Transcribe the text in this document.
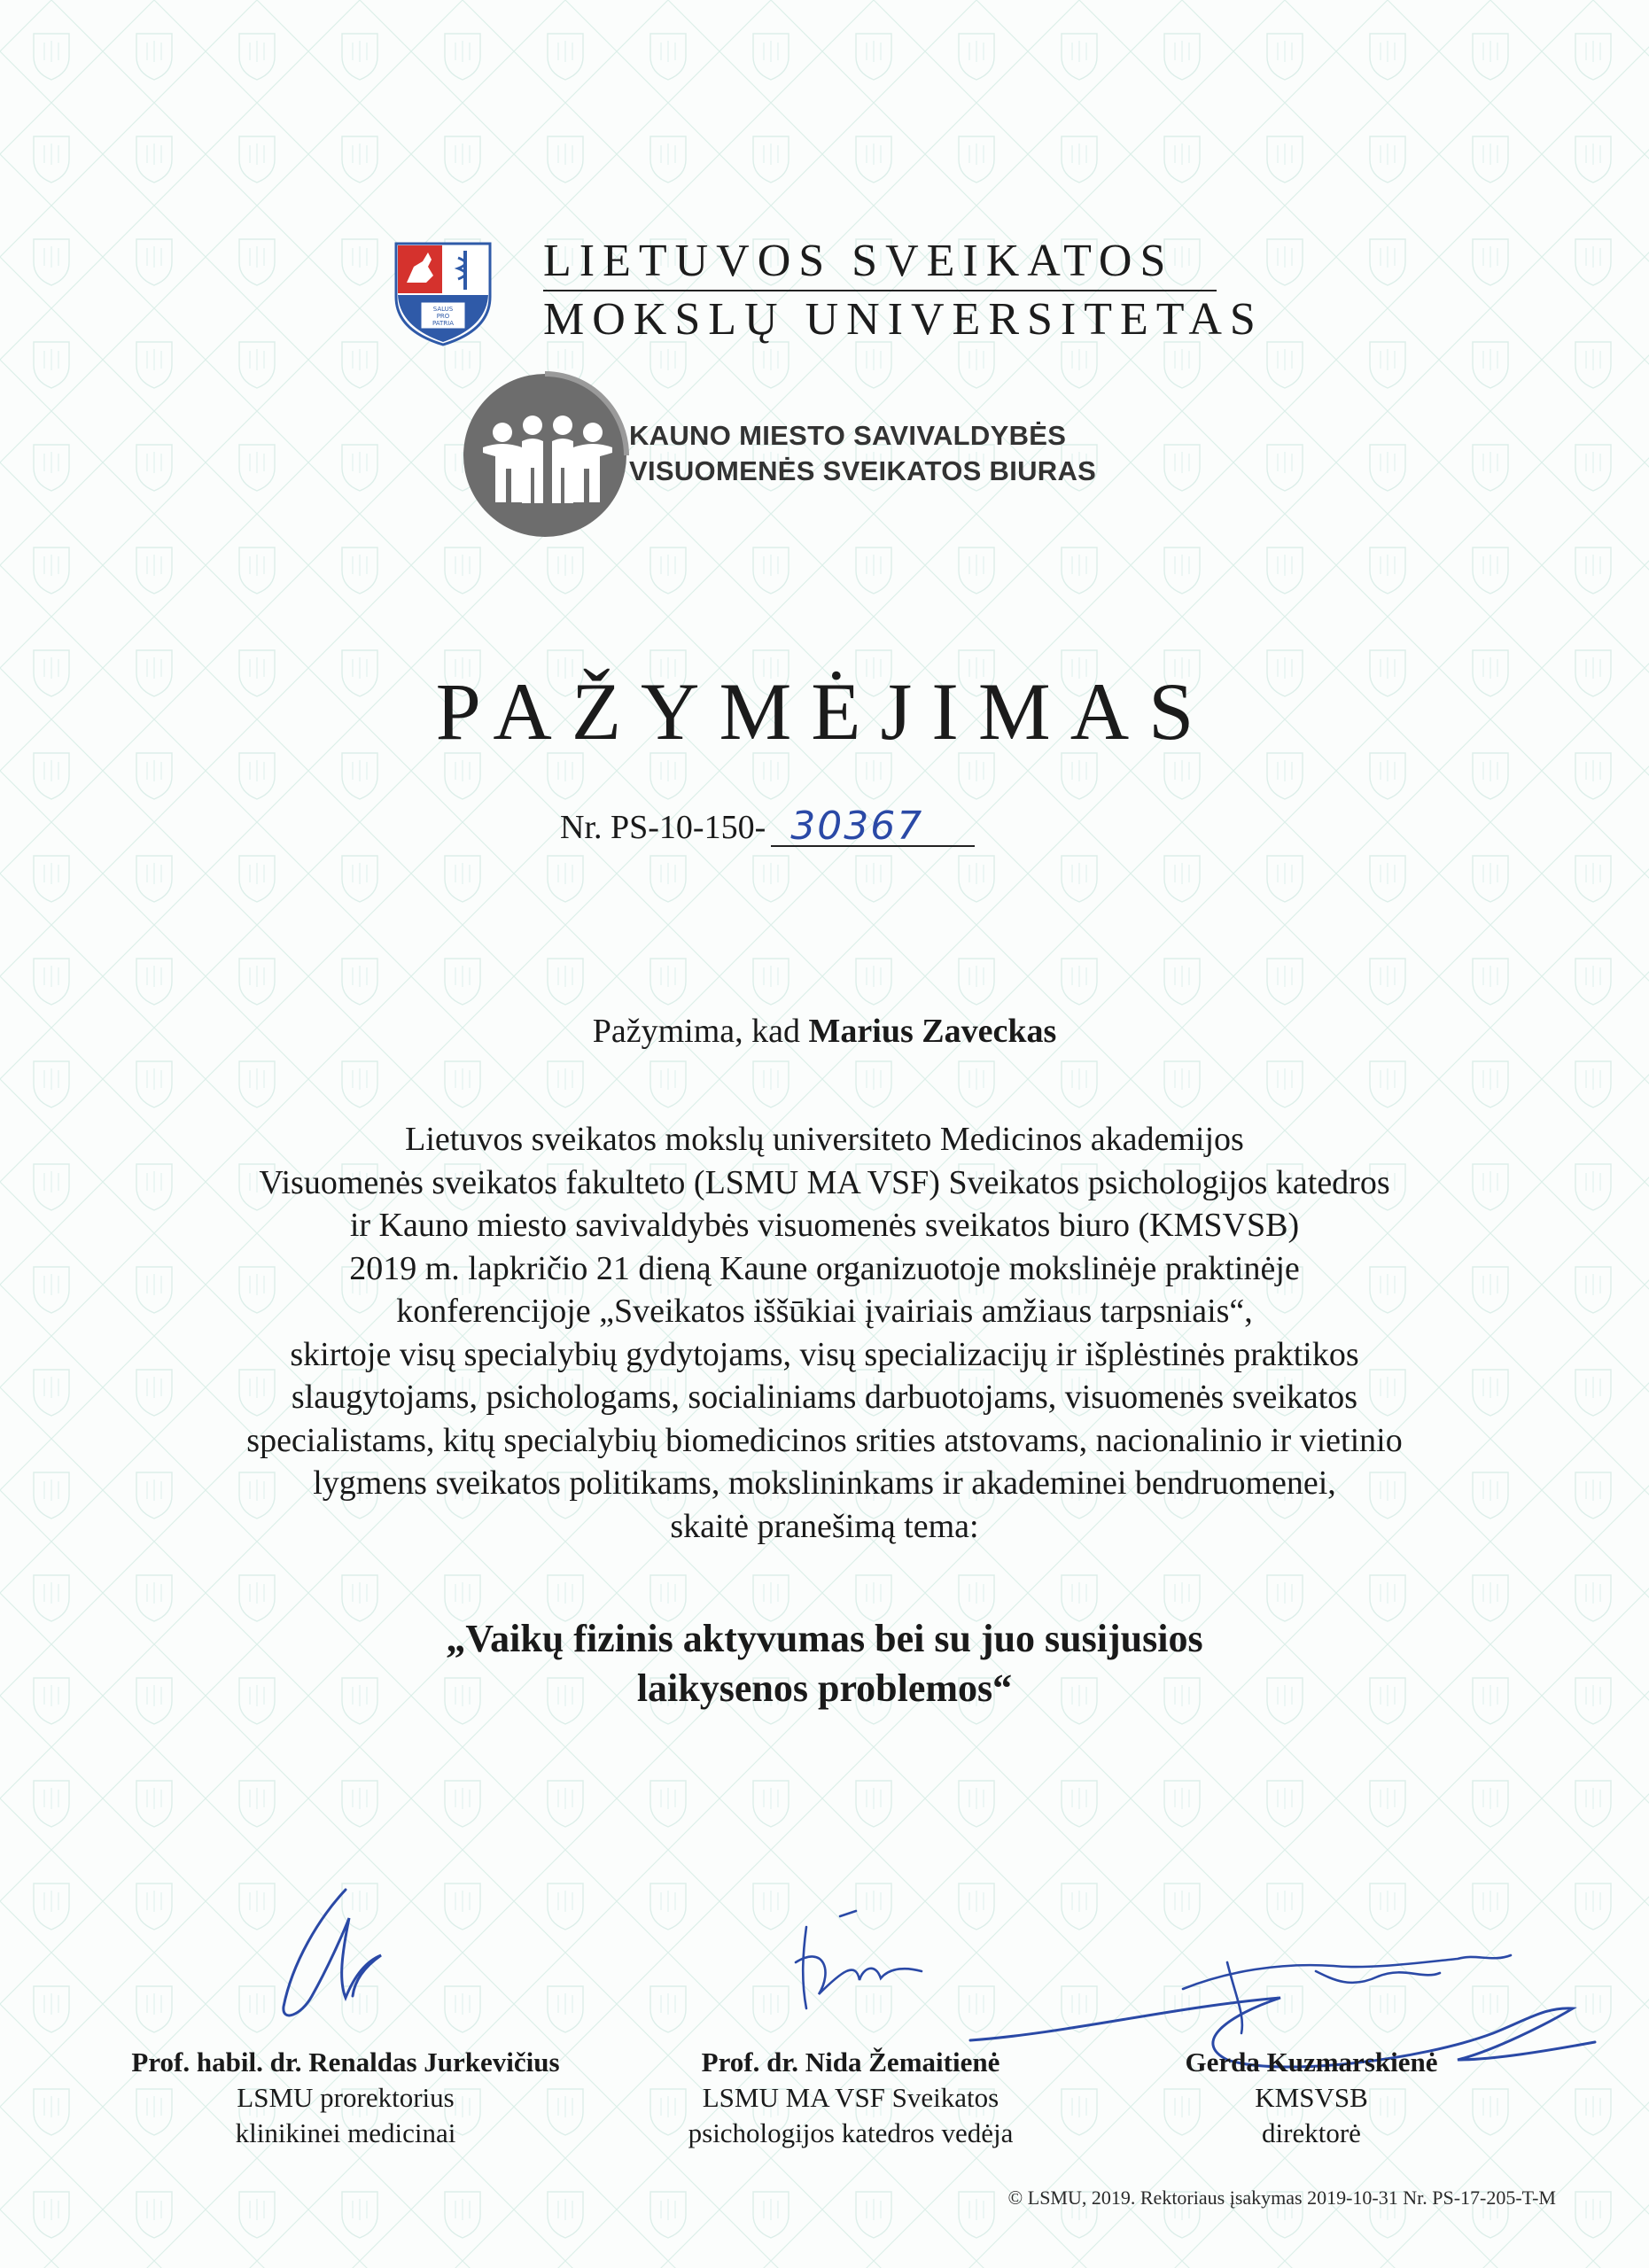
SALUS
PRO
PATRIA
LIETUVOS SVEIKATOS
MOKSLŲ UNIVERSITETAS
KAUNO MIESTO SAVIVALDYBĖS
VISUOMENĖS SVEIKATOS BIURAS
PAŽYMĖJIMAS
Nr. PS-10-150- 30367
Pažymima, kad Marius Zaveckas
Lietuvos sveikatos mokslų universiteto Medicinos akademijos
Visuomenės sveikatos fakulteto (LSMU MA VSF) Sveikatos psichologijos katedros
ir Kauno miesto savivaldybės visuomenės sveikatos biuro (KMSVSB)
2019 m. lapkričio 21 dieną Kaune organizuotoje mokslinėje praktinėje
konferencijoje „Sveikatos iššūkiai įvairiais amžiaus tarpsniais“,
skirtoje visų specialybių gydytojams, visų specializacijų ir išplėstinės praktikos
slaugytojams, psichologams, socialiniams darbuotojams, visuomenės sveikatos
specialistams, kitų specialybių biomedicinos srities atstovams, nacionalinio ir vietinio
lygmens sveikatos politikams, mokslininkams ir akademinei bendruomenei,
skaitė pranešimą tema:
„Vaikų fizinis aktyvumas bei su juo susijusios
laikysenos problemos“
Prof. habil. dr. Renaldas Jurkevičius
LSMU prorektorius
klinikinei medicinai
Prof. dr. Nida Žemaitienė
LSMU MA VSF Sveikatos
psichologijos katedros vedėja
Gerda Kuzmarskienė
KMSVSB
direktorė
© LSMU, 2019. Rektoriaus įsakymas 2019-10-31 Nr. PS-17-205-T-M
